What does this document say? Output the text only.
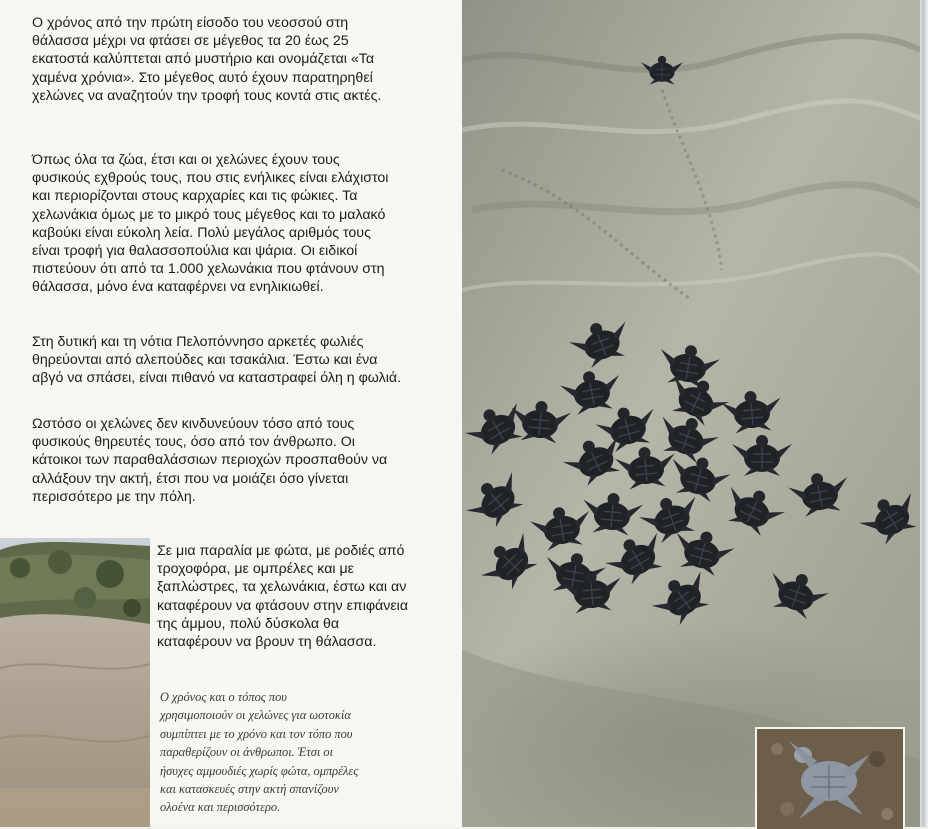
Ο χρόνος από την πρώτη είσοδο του νεοσσού στη
θάλασσα μέχρι να φτάσει σε μέγεθος τα 20 έως 25
εκατοστά καλύπτεται από μυστήριο και ονομάζεται «Τα
χαμένα χρόνια». Στο μέγεθος αυτό έχουν παρατηρηθεί
χελώνες να αναζητούν την τροφή τους κοντά στις ακτές.

Όπως όλα τα ζώα, έτσι και οι χελώνες έχουν τους
φυσικούς εχθρούς τους, που στις ενήλικες είναι ελάχιστοι
και περιορίζονται στους καρχαρίες και τις φώκιες. Τα
χελωνάκια όμως με το μικρό τους μέγεθος και το μαλακό
καβούκι είναι εύκολη λεία. Πολύ μεγάλος αριθμός τους
είναι τροφή για θαλασσοπούλια και ψάρια. Οι ειδικοί
πιστεύουν ότι από τα 1.000 χελωνάκια που φτάνουν στη
θάλασσα, μόνο ένα καταφέρνει να ενηλικιωθεί.

Στη δυτική και τη νότια Πελοπόννησο αρκετές φωλιές
θηρεύονται από αλεπούδες και τσακάλια. Έστω και ένα
αβγό να σπάσει, είναι πιθανό να καταστραφεί όλη η φωλιά.

Ωστόσο οι χελώνες δεν κινδυνεύουν τόσο από τους
φυσικούς θηρευτές τους, όσο από τον άνθρωπο. Οι
κάτοικοι των παραθαλάσσιων περιοχών προσπαθούν να
αλλάξουν την ακτή, έτσι που να μοιάζει όσο γίνεται
περισσότερο με την πόλη.

Σε μια παραλία με φώτα, με ροδιές από
τροχοφόρα, με ομπρέλες και με
ξαπλώστρες, τα χελωνάκια, έστω και αν
καταφέρουν να φτάσουν στην επιφάνεια
της άμμου, πολύ δύσκολα θα
καταφέρουν να βρουν τη θάλασσα.

Ο χρόνος και ο τόπος που
χρησιμοποιούν οι χελώνες για ωοτοκία
συμπίπτει με το χρόνο και τον τόπο που
παραθερίζουν οι άνθρωποι. Έτσι οι
ήσυχες αμμουδιές χωρίς φώτα, ομπρέλες
και κατασκευές στην ακτή σπανίζουν
ολοένα και περισσότερο.
